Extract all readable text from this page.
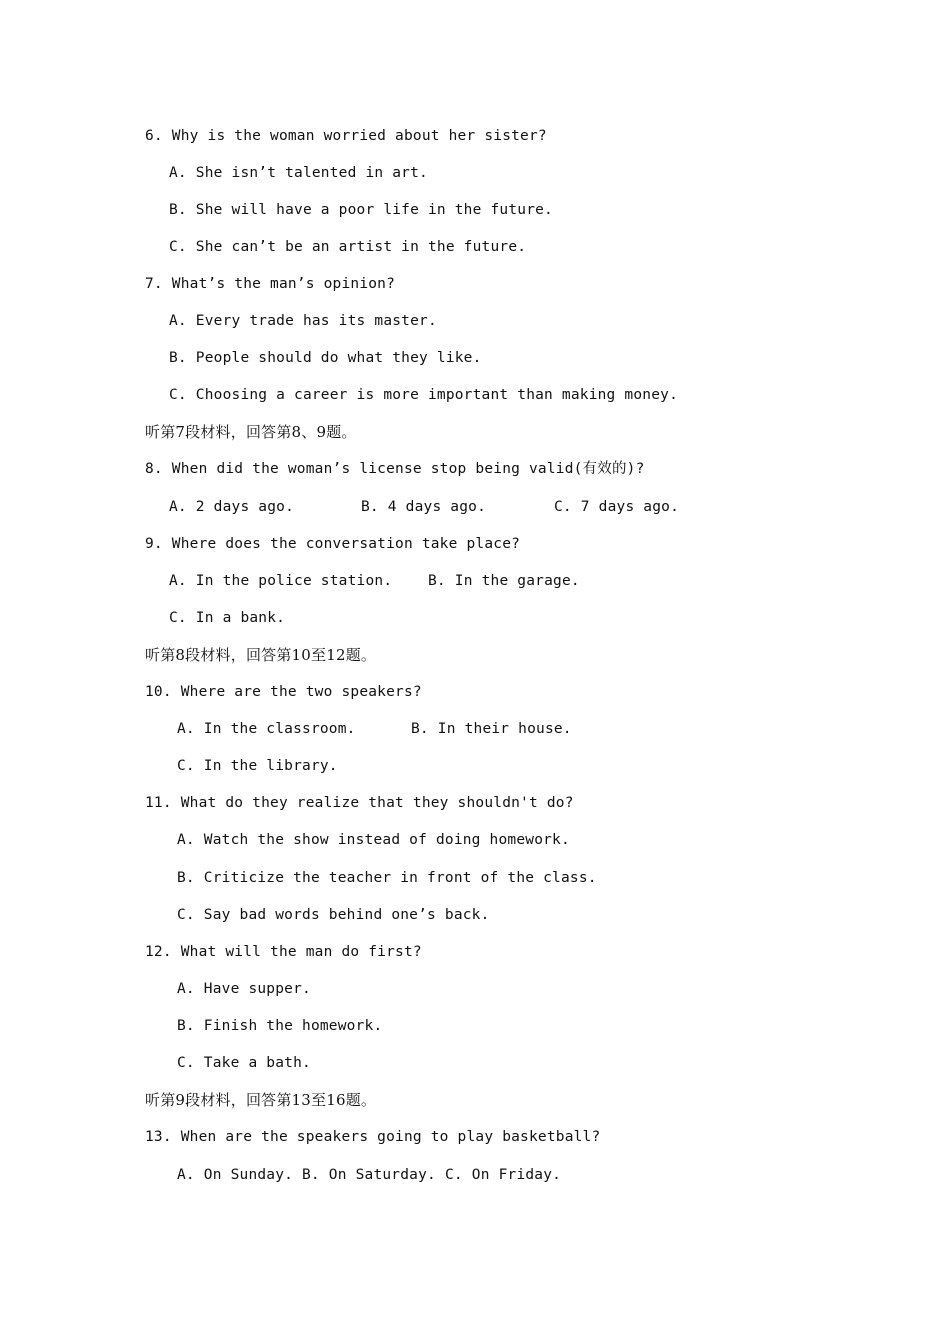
6. Why is the woman worried about her sister?
A. She isn’t talented in art.
B. She will have a poor life in the future.
C. She can’t be an artist in the future.
7. What’s the man’s opinion?
A. Every trade has its master.
B. People should do what they like.
C. Choosing a career is more important than making money.
听第7段材料，回答第8、9题。
8. When did the woman’s license stop being valid(有效的)?
A. 2 days ago.	B. 4 days ago.	C. 7 days ago.
9. Where does the conversation take place?
A. In the police station. B. In the garage.
C. In a bank.
听第8段材料，回答第10至12题。
10. Where are the two speakers?
A. In the classroom.	B. In their house.
C. In the library.
11. What do they realize that they shouldn't do?
A. Watch the show instead of doing homework.
B. Criticize the teacher in front of the class.
C. Say bad words behind one’s back.
12. What will the man do first?
A. Have supper.
B. Finish the homework.
C. Take a bath.
听第9段材料，回答第13至16题。
13. When are the speakers going to play basketball?
A. On Sunday. B. On Saturday. C. On Friday.
